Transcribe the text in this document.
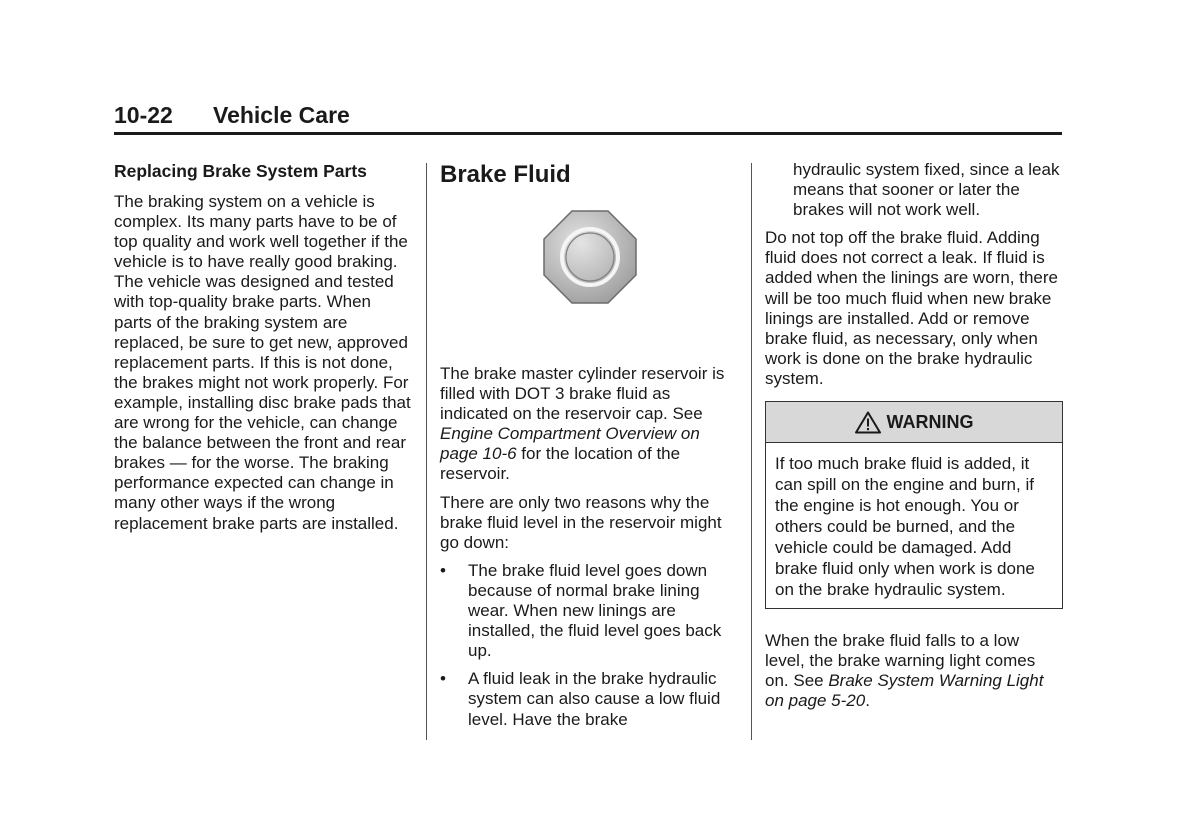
10-22 Vehicle Care
Replacing Brake System Parts

The braking system on a vehicle is complex. Its many parts have to be of top quality and work well together if the vehicle is to have really good braking. The vehicle was designed and tested with top-quality brake parts. When parts of the braking system are replaced, be sure to get new, approved replacement parts. If this is not done, the brakes might not work properly. For example, installing disc brake pads that are wrong for the vehicle, can change the balance between the front and rear brakes — for the worse. The braking performance expected can change in many other ways if the wrong replacement brake parts are installed.

Brake Fluid

The brake master cylinder reservoir is filled with DOT 3 brake fluid as indicated on the reservoir cap. See Engine Compartment Overview on page 10-6 for the location of the reservoir.

There are only two reasons why the brake fluid level in the reservoir might go down:

• The brake fluid level goes down because of normal brake lining wear. When new linings are installed, the fluid level goes back up.
• A fluid leak in the brake hydraulic system can also cause a low fluid level. Have the brake
hydraulic system fixed, since a leak means that sooner or later the brakes will not work well.

Do not top off the brake fluid. Adding fluid does not correct a leak. If fluid is added when the linings are worn, there will be too much fluid when new brake linings are installed. Add or remove brake fluid, as necessary, only when work is done on the brake hydraulic system.

WARNING
If too much brake fluid is added, it can spill on the engine and burn, if the engine is hot enough. You or others could be burned, and the vehicle could be damaged. Add brake fluid only when work is done on the brake hydraulic system.

When the brake fluid falls to a low level, the brake warning light comes on. See Brake System Warning Light on page 5-20.
